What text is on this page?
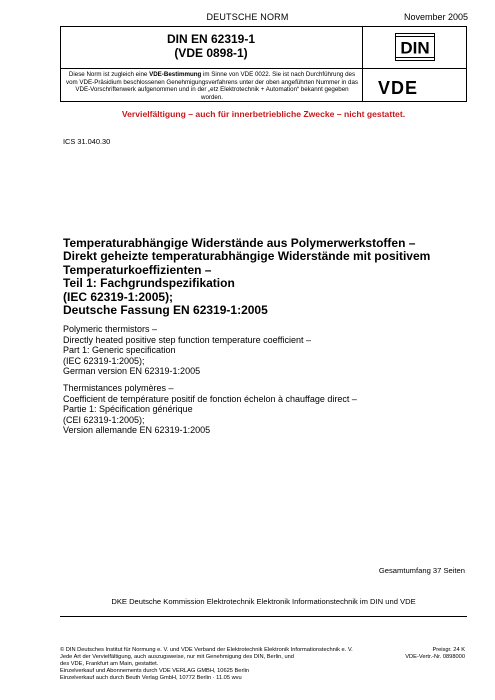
DEUTSCHE NORM	November 2005
DIN EN 62319-1
(VDE 0898-1)	DIN
Diese Norm ist zugleich eine VDE-Bestimmung im Sinne von VDE 0022. Sie ist nach Durchführung des vom VDE-Präsidium beschlossenen Genehmigungsverfahrens unter der oben angeführten Nummer in das VDE-Vorschriftenwerk aufgenommen und in der „etz Elektrotechnik + Automation“ bekannt gegeben worden.	VDE
Vervielfältigung – auch für innerbetriebliche Zwecke – nicht gestattet.
ICS 31.040.30
Temperaturabhängige Widerstände aus Polymerwerkstoffen –
Direkt geheizte temperaturabhängige Widerstände mit positivem
Temperaturkoeffizienten –
Teil 1: Fachgrundspezifikation
(IEC 62319-1:2005);
Deutsche Fassung EN 62319-1:2005
Polymeric thermistors –
Directly heated positive step function temperature coefficient –
Part 1: Generic specification
(IEC 62319-1:2005);
German version EN 62319-1:2005
Thermistances polymères –
Coefficient de température positif de fonction échelon à chauffage direct –
Partie 1: Spécification générique
(CEI 62319-1:2005);
Version allemande EN 62319-1:2005
Gesamtumfang 37 Seiten
DKE Deutsche Kommission Elektrotechnik Elektronik Informationstechnik im DIN und VDE
© DIN Deutsches Institut für Normung e. V. und VDE Verband der Elektrotechnik Elektronik Informationstechnik e. V.
Jede Art der Vervielfältigung, auch auszugsweise, nur mit Genehmigung des DIN, Berlin, und
des VDE, Frankfurt am Main, gestattet.
Einzelverkauf und Abonnements durch VDE VERLAG GMBH, 10625 Berlin
Einzelverkauf auch durch Beuth Verlag GmbH, 10772 Berlin · 11.05 wvu
Preisgr. 24 K
VDE-Vertr.-Nr. 0898000
